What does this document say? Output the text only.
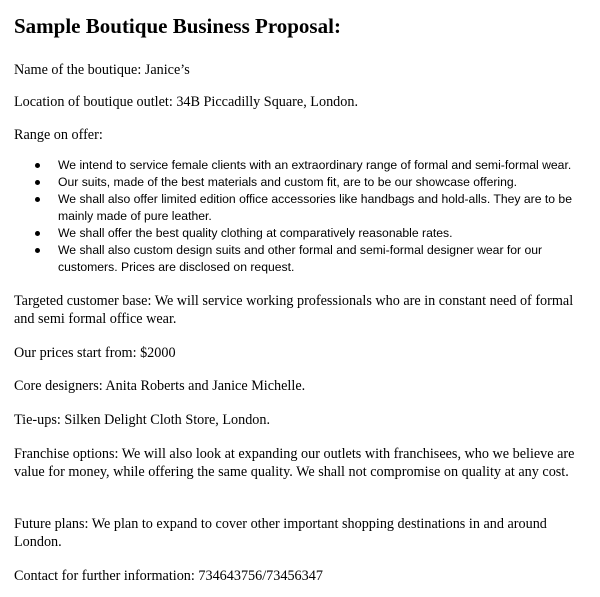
Sample Boutique Business Proposal:

Name of the boutique: Janice’s

Location of boutique outlet: 34B Piccadilly Square, London.

Range on offer:

We intend to service female clients with an extraordinary range of formal and semi-formal wear.
Our suits, made of the best materials and custom fit, are to be our showcase offering.
We shall also offer limited edition office accessories like handbags and hold-alls. They are to be mainly made of pure leather.
We shall offer the best quality clothing at comparatively reasonable rates.
We shall also custom design suits and other formal and semi-formal designer wear for our customers. Prices are disclosed on request.

Targeted customer base: We will service working professionals who are in constant need of formal and semi formal office wear.

Our prices start from: $2000

Core designers: Anita Roberts and Janice Michelle.

Tie-ups: Silken Delight Cloth Store, London.

Franchise options: We will also look at expanding our outlets with franchisees, who we believe are value for money, while offering the same quality. We shall not compromise on quality at any cost.

Future plans: We plan to expand to cover other important shopping destinations in and around London.

Contact for further information: 734643756/73456347
